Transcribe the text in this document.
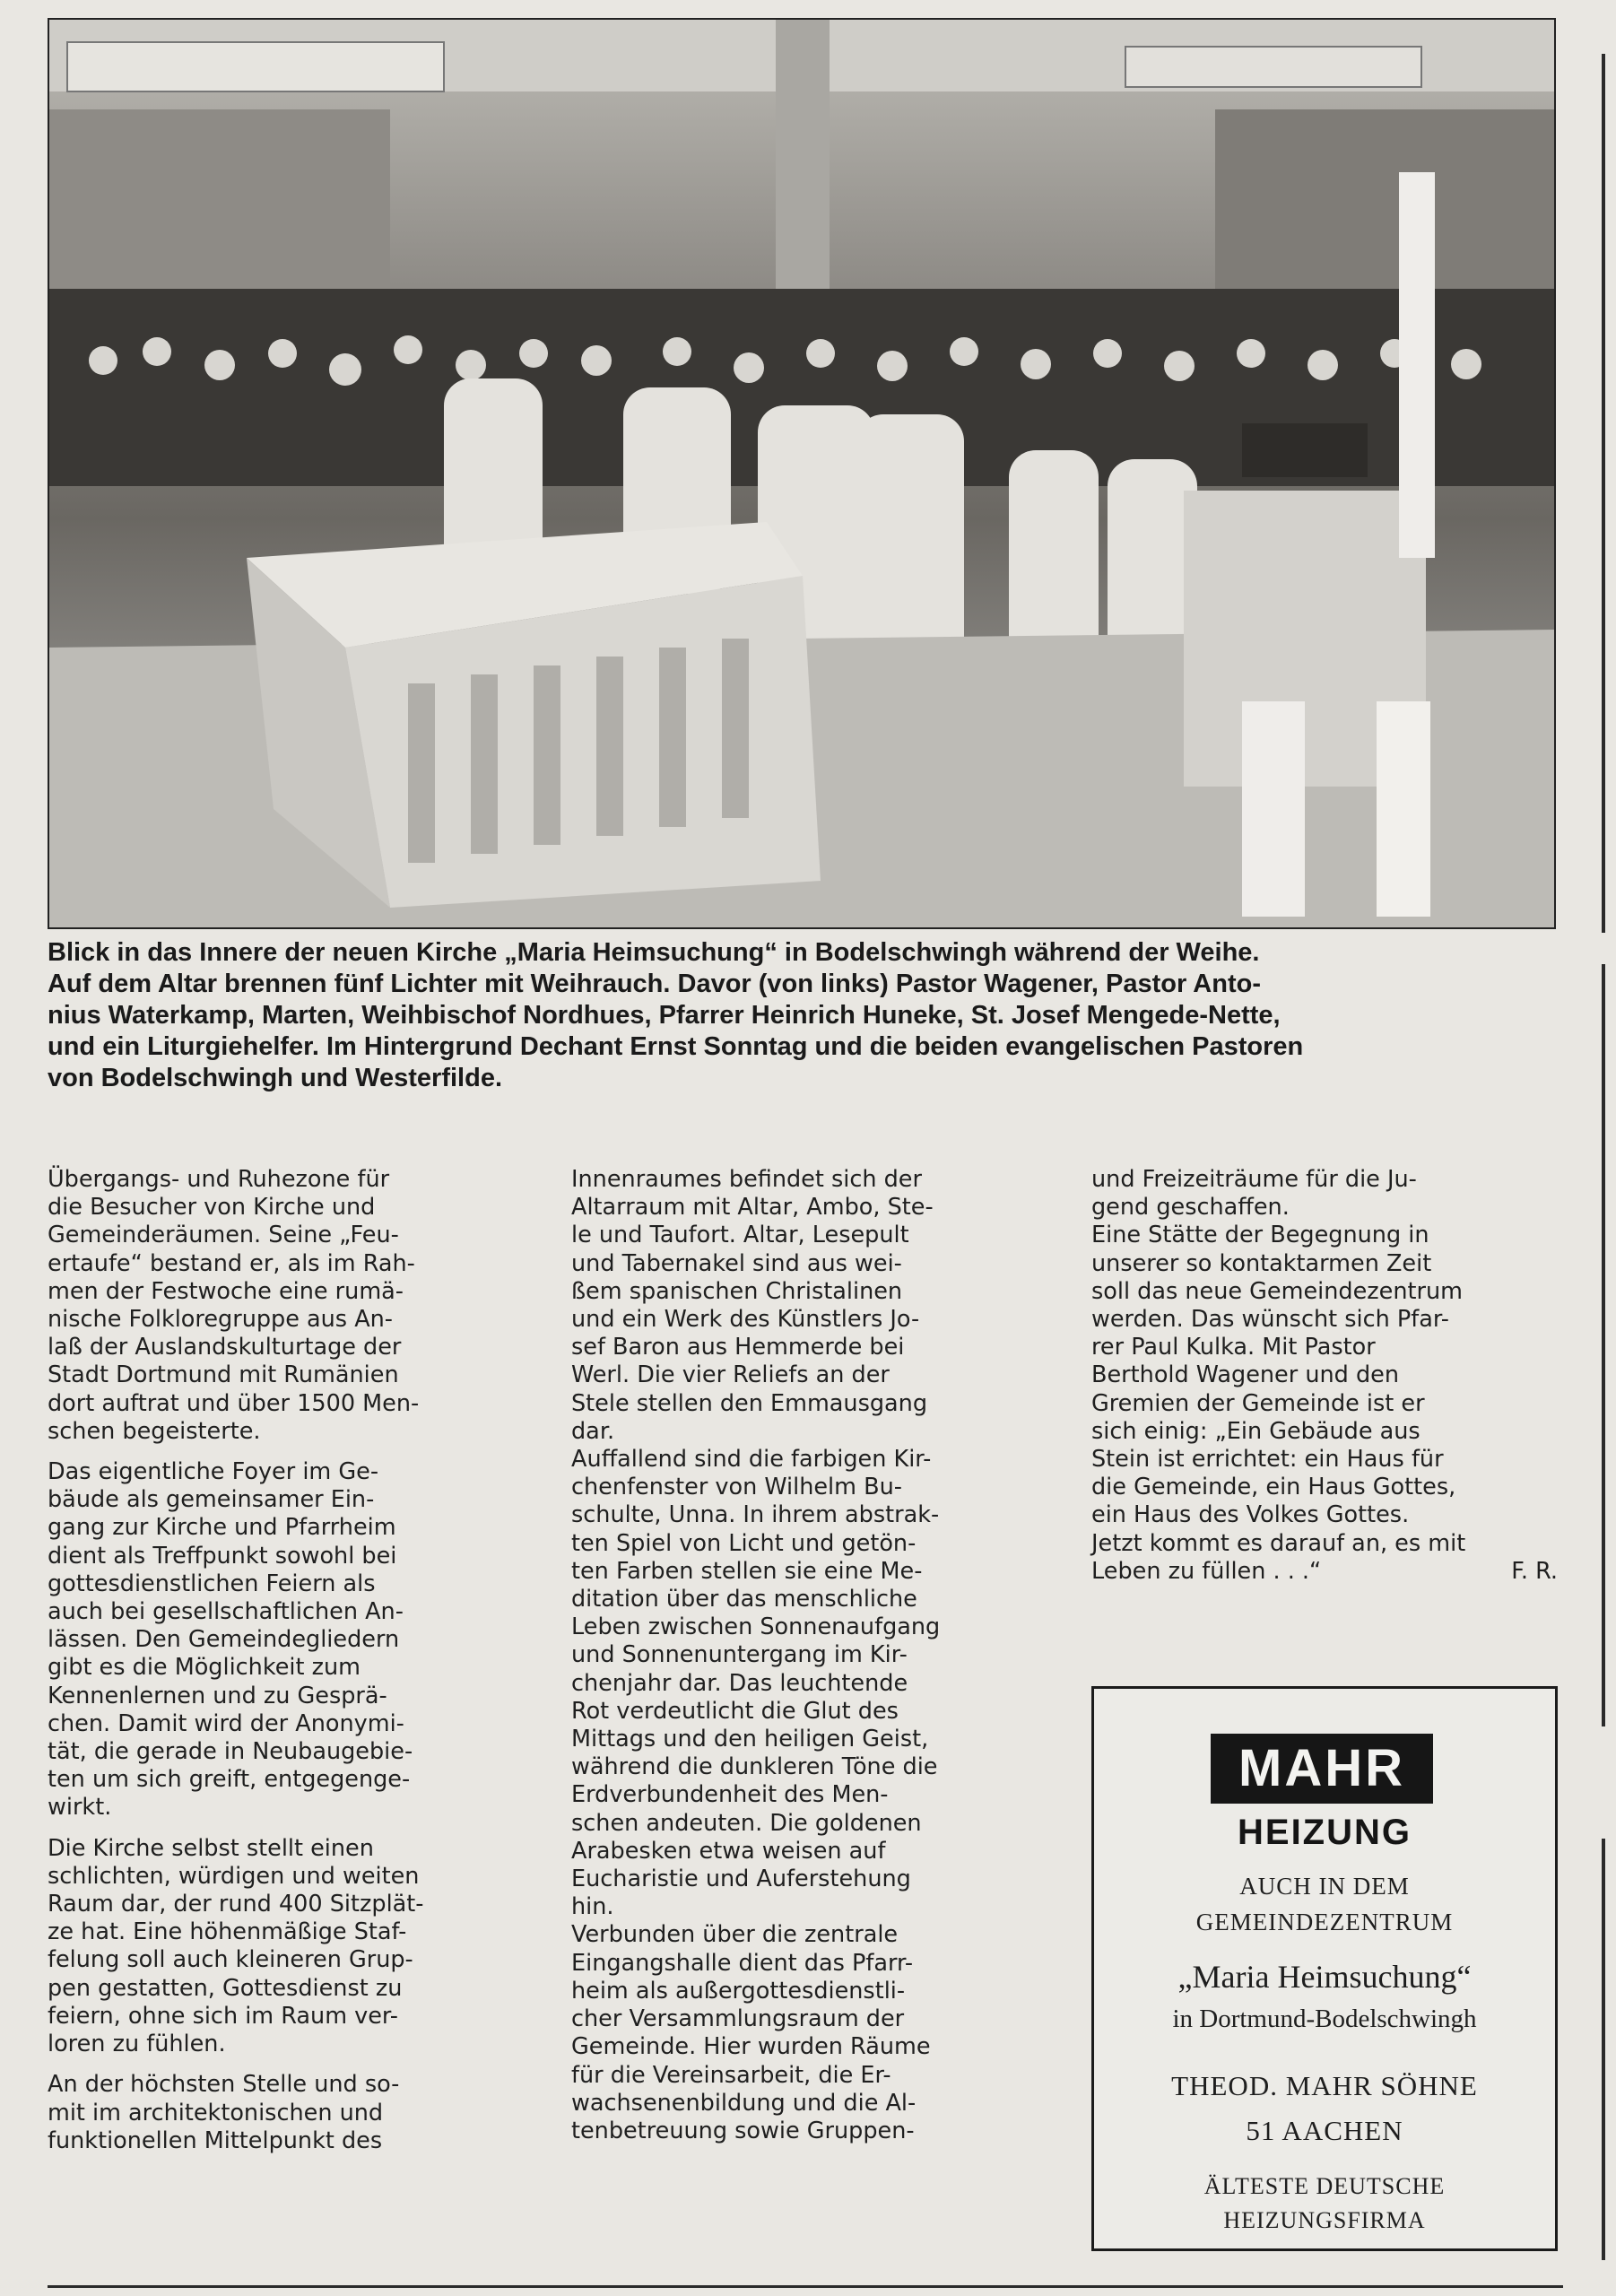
Blick in das Innere der neuen Kirche „Maria Heimsuchung“ in Bodelschwingh während der Weihe.
Auf dem Altar brennen fünf Lichter mit Weihrauch. Davor (von links) Pastor Wagener, Pastor Anto-
nius Waterkamp, Marten, Weihbischof Nordhues, Pfarrer Heinrich Huneke, St. Josef Mengede-Nette,
und ein Liturgiehelfer. Im Hintergrund Dechant Ernst Sonntag und die beiden evangelischen Pastoren
von Bodelschwingh und Westerfilde.

Übergangs- und Ruhezone für
die Besucher von Kirche und
Gemeinderäumen. Seine „Feu-
ertaufe“ bestand er, als im Rah-
men der Festwoche eine rumä-
nische Folkloregruppe aus An-
laß der Auslandskulturtage der
Stadt Dortmund mit Rumänien
dort auftrat und über 1500 Men-
schen begeisterte.
Das eigentliche Foyer im Ge-
bäude als gemeinsamer Ein-
gang zur Kirche und Pfarrheim
dient als Treffpunkt sowohl bei
gottesdienstlichen Feiern als
auch bei gesellschaftlichen An-
lässen. Den Gemeindegliedern
gibt es die Möglichkeit zum
Kennenlernen und zu Gesprä-
chen. Damit wird der Anonymi-
tät, die gerade in Neubaugebie-
ten um sich greift, entgegenge-
wirkt.
Die Kirche selbst stellt einen
schlichten, würdigen und weiten
Raum dar, der rund 400 Sitzplät-
ze hat. Eine höhenmäßige Staf-
felung soll auch kleineren Grup-
pen gestatten, Gottesdienst zu
feiern, ohne sich im Raum ver-
loren zu fühlen.
An der höchsten Stelle und so-
mit im architektonischen und
funktionellen Mittelpunkt des
Innenraumes befindet sich der
Altarraum mit Altar, Ambo, Ste-
le und Taufort. Altar, Lesepult
und Tabernakel sind aus wei-
ßem spanischen Christalinen
und ein Werk des Künstlers Jo-
sef Baron aus Hemmerde bei
Werl. Die vier Reliefs an der
Stele stellen den Emmausgang
dar.
Auffallend sind die farbigen Kir-
chenfenster von Wilhelm Bu-
schulte, Unna. In ihrem abstrak-
ten Spiel von Licht und getön-
ten Farben stellen sie eine Me-
ditation über das menschliche
Leben zwischen Sonnenaufgang
und Sonnenuntergang im Kir-
chenjahr dar. Das leuchtende
Rot verdeutlicht die Glut des
Mittags und den heiligen Geist,
während die dunkleren Töne die
Erdverbundenheit des Men-
schen andeuten. Die goldenen
Arabesken etwa weisen auf
Eucharistie und Auferstehung
hin.
Verbunden über die zentrale
Eingangshalle dient das Pfarr-
heim als außergottesdienstli-
cher Versammlungsraum der
Gemeinde. Hier wurden Räume
für die Vereinsarbeit, die Er-
wachsenenbildung und die Al-
tenbetreuung sowie Gruppen-
und Freizeiträume für die Ju-
gend geschaffen.
Eine Stätte der Begegnung in
unserer so kontaktarmen Zeit
soll das neue Gemeindezentrum
werden. Das wünscht sich Pfar-
rer Paul Kulka. Mit Pastor
Berthold Wagener und den
Gremien der Gemeinde ist er
sich einig: „Ein Gebäude aus
Stein ist errichtet: ein Haus für
die Gemeinde, ein Haus Gottes,
ein Haus des Volkes Gottes.
Jetzt kommt es darauf an, es mit
Leben zu füllen . . .“	F. R.
MAHR

HEIZUNG

AUCH IN DEM

GEMEINDEZENTRUM

„Maria Heimsuchung“

in Dortmund-Bodelschwingh

THEOD. MAHR SÖHNE

51 AACHEN

ÄLTESTE DEUTSCHE

HEIZUNGSFIRMA
